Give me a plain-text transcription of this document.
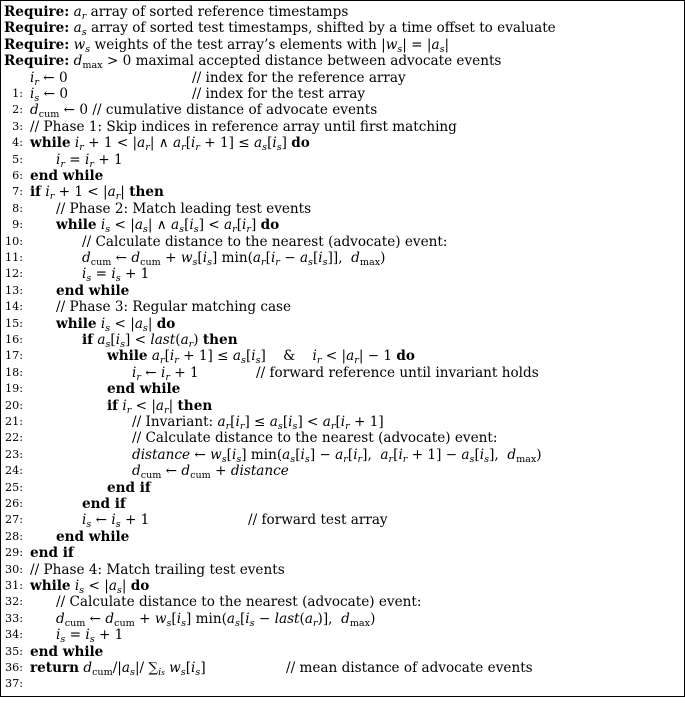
Require: $a_r$ array of sorted reference timestamps

Require: $a_s$ array of sorted test timestamps, shifted by a time offset to evaluate

Require: $w_s$ weights of the test array’s elements with $|w_s| = |a_s|$

Require: $d_{max} > 0$ maximal accepted distance between advocate events

1:

$i_r$ ← 0	// index for the reference array

2:

$i_s$ ← 0	// index for the test array

3:

$d_{cum}$ ← 0 // cumulative distance of advocate events

4:

// Phase 1: Skip indices in reference array until first matching

5:

while $i_r + 1 < |a_r|$ ∧ $a_r[i_r + 1] \le a_s[i_s]$ do

6:

$i_r = i_r + 1$

7:

end while

8:

if $i_r + 1 < |a_r|$ then

9:

// Phase 2: Match leading test events

10:

while $i_s < |a_s|$ ∧ $a_s[i_s] < a_r[i_r]$ do

11:

// Calculate distance to the nearest (advocate) event:

12:

$d_{cum}$ ← $d_{cum} + w_s[i_s] \min(a_r[i_r - a_s[i_s]]$,  $d_{max}$)

13:

$i_s = i_s + 1$

14:

end while

15:

// Phase 3: Regular matching case

16:

while $i_s < |a_s|$ do

17:

if $a_s[i_s]$ < $last(a_r)$ then

18:

while $a_r[i_r + 1] \le a_s[i_s]$    &    $i_r < |a_r| - 1$ do

19:

$i_r$ ← $i_r + 1$	// forward reference until invariant holds

20:

end while

21:

if $i_r < |a_r|$ then

22:

// Invariant: $a_r[i_r] \le a_s[i_s] < a_r[i_r + 1]$

23:

// Calculate distance to the nearest (advocate) event:

24:

distance ← $w_s[i_s] \min(a_s[i_s] - a_r[i_r]$,  $a_r[i_r + 1] - a_s[i_s]$,  $d_{max}$)

25:

$d_{cum}$ ← $d_{cum}$ + distance

26:

end if

27:

end if

28:

$i_s$ ← $i_s + 1$	// forward test array

29:

end while

30:

end if

31:

// Phase 4: Match trailing test events

32:

while $i_s < |a_s|$ do

33:

// Calculate distance to the nearest (advocate) event:

34:

$d_{cum}$ ← $d_{cum} + w_s[i_s] \min(a_s[i_s$ − $last(a_r)$],  $d_{max}$)

35:

$i_s = i_s + 1$

36:

end while

37:

return $d_{cum}/|a_s|/$ $\sum_{is}$ $w_s[i_s]$	// mean distance of advocate events
